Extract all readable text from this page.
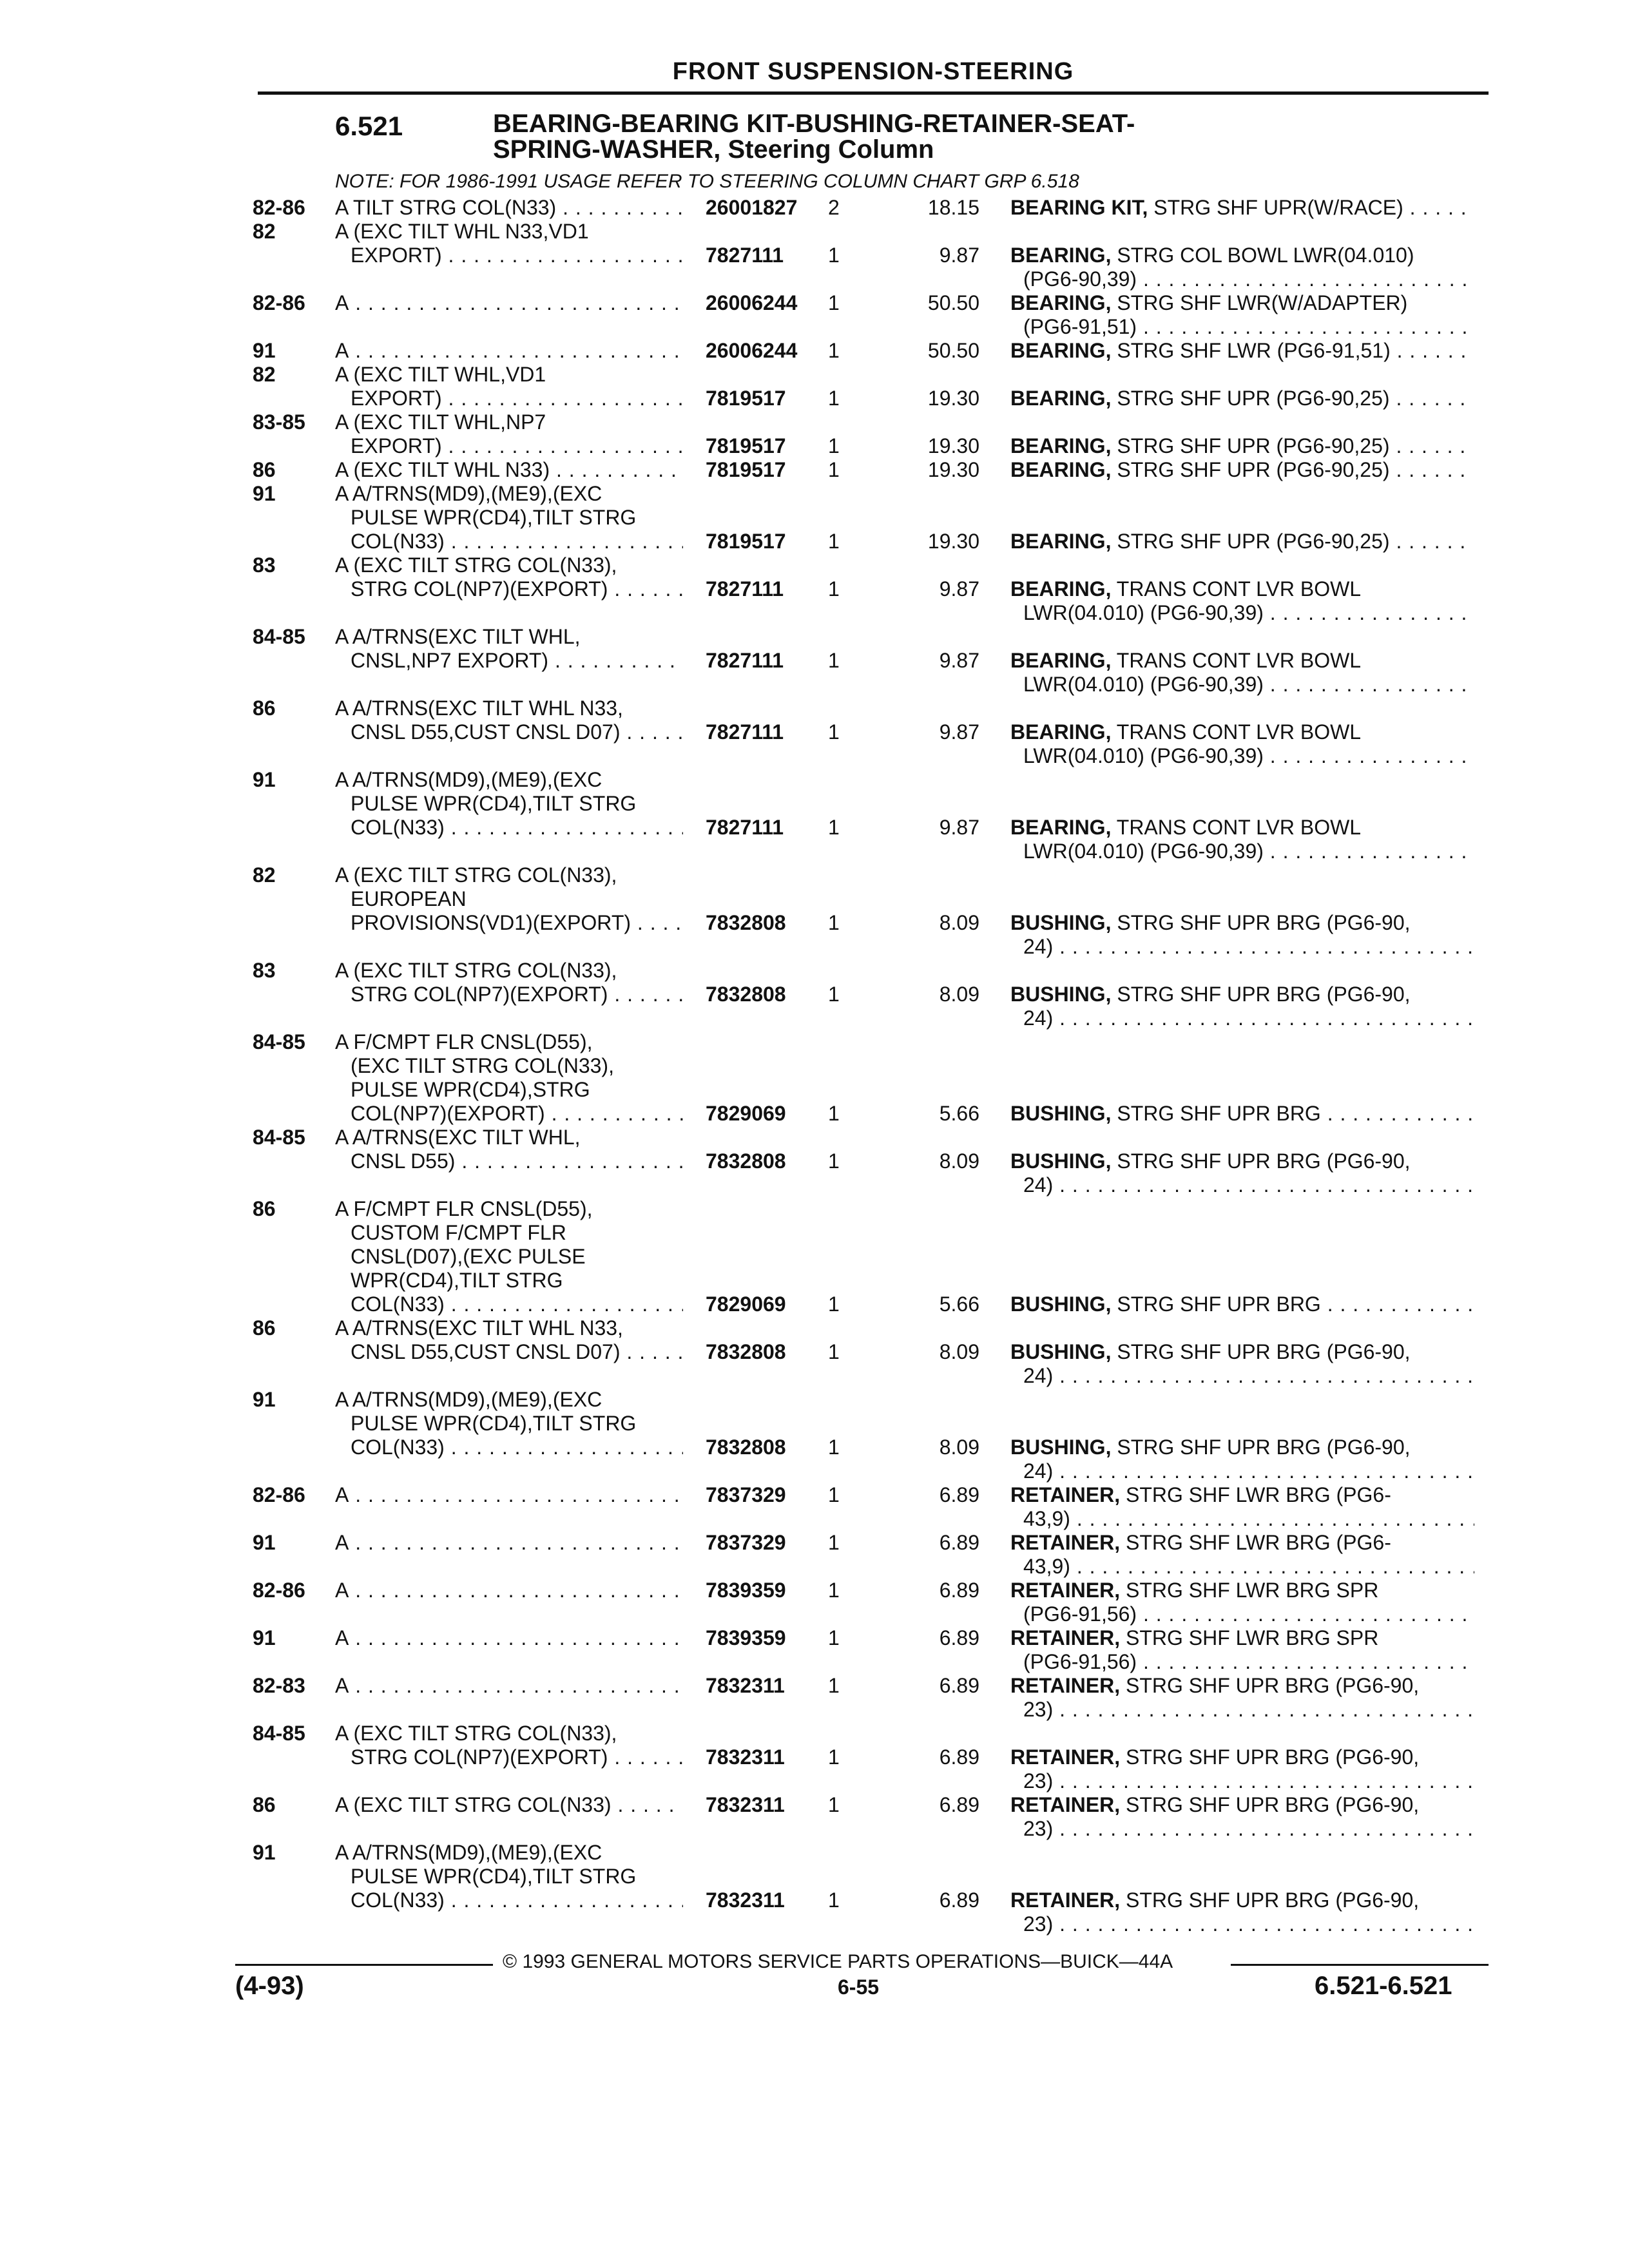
FRONT SUSPENSION-STEERING
6.521	BEARING-BEARING KIT-BUSHING-RETAINER-SEAT-
SPRING-WASHER, Steering Column
NOTE: FOR 1986-1991 USAGE REFER TO STEERING COLUMN CHART GRP 6.518
82-86	A TILT STRG COL(N33) . . .	26001827	2	18.15 BEARING KIT, STRG SHF UPR(W/RACE)
. . .
82	A (EXC TILT WHL N33,VD1
EXPORT) . . .	7827111	1	9.87 BEARING, STRG COL BOWL LWR(04.010)
(PG6-90,39)
. . .
82-86	A . . .	26006244	1	50.50 BEARING, STRG SHF LWR(W/ADAPTER)
(PG6-91,51)
. . .
91	A . . .	26006244	1	50.50 BEARING, STRG SHF LWR (PG6-91,51)
. . .
82	A (EXC TILT WHL,VD1
EXPORT) . . .	7819517	1	19.30 BEARING, STRG SHF UPR (PG6-90,25)
. . .
83-85	A (EXC TILT WHL,NP7
EXPORT) . . .	7819517	1	19.30 BEARING, STRG SHF UPR (PG6-90,25)
. . .
86	A (EXC TILT WHL N33) . . .	7819517	1	19.30 BEARING, STRG SHF UPR (PG6-90,25)
. . .
91	A A/TRNS(MD9),(ME9),(EXC
PULSE WPR(CD4),TILT STRG
COL(N33) . . .	7819517	1	19.30 BEARING, STRG SHF UPR (PG6-90,25)
. . .
83	A (EXC TILT STRG COL(N33),
STRG COL(NP7)(EXPORT) . . .	7827111	1	9.87 BEARING, TRANS CONT LVR BOWL
LWR(04.010) (PG6-90,39)
. . .
84-85	A A/TRNS(EXC TILT WHL,
CNSL,NP7 EXPORT) . . .	7827111	1	9.87 BEARING, TRANS CONT LVR BOWL
LWR(04.010) (PG6-90,39)
. . .
86	A A/TRNS(EXC TILT WHL N33,
CNSL D55,CUST CNSL D07) . . .	7827111	1	9.87 BEARING, TRANS CONT LVR BOWL
LWR(04.010) (PG6-90,39)
. . .
91	A A/TRNS(MD9),(ME9),(EXC
PULSE WPR(CD4),TILT STRG
COL(N33) . . .	7827111	1	9.87 BEARING, TRANS CONT LVR BOWL
LWR(04.010) (PG6-90,39)
. . .
82	A (EXC TILT STRG COL(N33),
EUROPEAN
PROVISIONS(VD1)(EXPORT) . . .	7832808	1	8.09 BUSHING, STRG SHF UPR BRG (PG6-90,
24)
. . .
83	A (EXC TILT STRG COL(N33),
STRG COL(NP7)(EXPORT) . . .	7832808	1	8.09 BUSHING, STRG SHF UPR BRG (PG6-90,
24)
. . .
84-85	A F/CMPT FLR CNSL(D55),
(EXC TILT STRG COL(N33),
PULSE WPR(CD4),STRG
COL(NP7)(EXPORT) . . .	7829069	1	5.66 BUSHING, STRG SHF UPR BRG
. . .
84-85	A A/TRNS(EXC TILT WHL,
CNSL D55) . . .	7832808	1	8.09 BUSHING, STRG SHF UPR BRG (PG6-90,
24)
. . .
86	A F/CMPT FLR CNSL(D55),
CUSTOM F/CMPT FLR
CNSL(D07),(EXC PULSE
WPR(CD4),TILT STRG
COL(N33) . . .	7829069	1	5.66 BUSHING, STRG SHF UPR BRG
. . .
86	A A/TRNS(EXC TILT WHL N33,
CNSL D55,CUST CNSL D07) . . .	7832808	1	8.09 BUSHING, STRG SHF UPR BRG (PG6-90,
24)
. . .
91	A A/TRNS(MD9),(ME9),(EXC
PULSE WPR(CD4),TILT STRG
COL(N33) . . .	7832808	1	8.09 BUSHING, STRG SHF UPR BRG (PG6-90,
24)
. . .
82-86	A . . .	7837329	1	6.89 RETAINER, STRG SHF LWR BRG (PG6-
43,9)
. . .
91	A . . .	7837329	1	6.89 RETAINER, STRG SHF LWR BRG (PG6-
43,9)
. . .
82-86	A . . .	7839359	1	6.89 RETAINER, STRG SHF LWR BRG SPR
(PG6-91,56)
. . .
91	A . . .	7839359	1	6.89 RETAINER, STRG SHF LWR BRG SPR
(PG6-91,56)
. . .
82-83	A . . .	7832311	1	6.89 RETAINER, STRG SHF UPR BRG (PG6-90,
23)
. . .
84-85	A (EXC TILT STRG COL(N33),
STRG COL(NP7)(EXPORT) . . .	7832311	1	6.89 RETAINER, STRG SHF UPR BRG (PG6-90,
23)
. . .
86	A (EXC TILT STRG COL(N33) . . .	7832311	1	6.89 RETAINER, STRG SHF UPR BRG (PG6-90,
23)
. . .
91	A A/TRNS(MD9),(ME9),(EXC
PULSE WPR(CD4),TILT STRG
COL(N33) . . .	7832311	1	6.89 RETAINER, STRG SHF UPR BRG (PG6-90,
23)
. . .
© 1993 GENERAL MOTORS SERVICE PARTS OPERATIONS—BUICK—44A
(4-93)	6-55	6.521-6.521
